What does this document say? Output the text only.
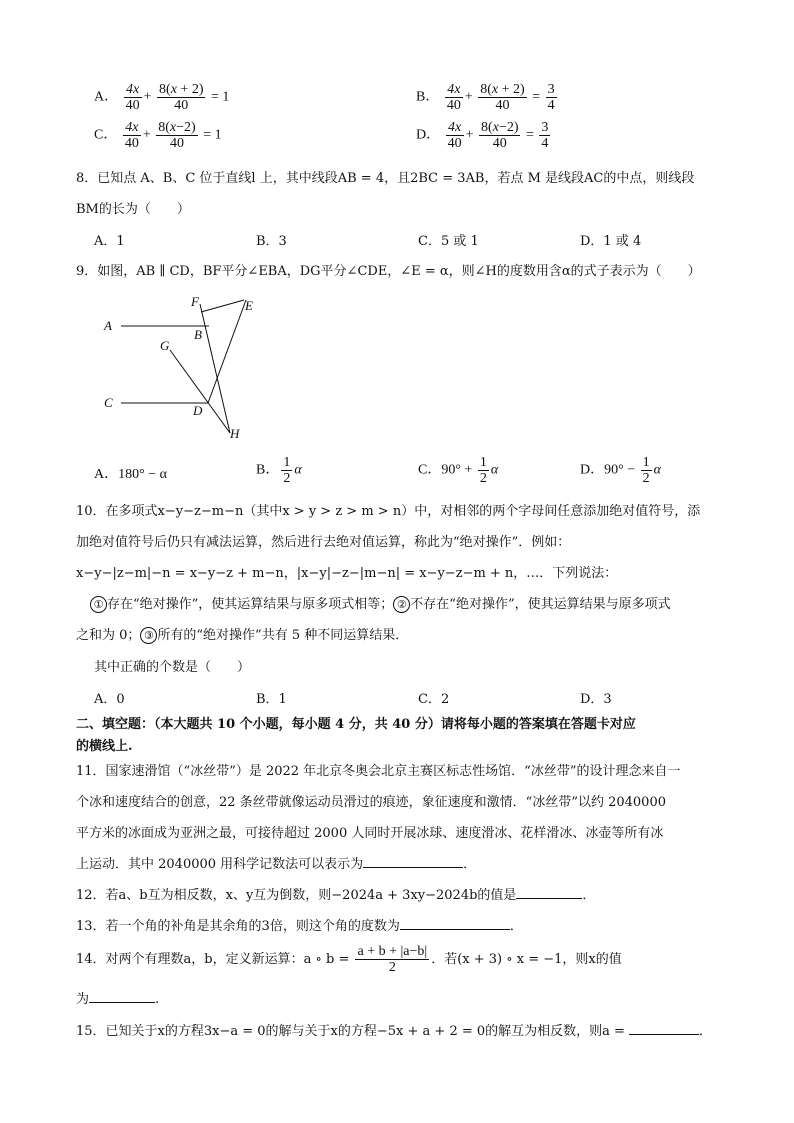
A． $\frac{4x}{40} + \frac{8(x + 2)}{40} = 1$	B． $\frac{4x}{40} + \frac{8(x + 2)}{40} = \frac{3}{4}$
C． $\frac{4x}{40} + \frac{8(x-2)}{40} = 1$	D． $\frac{4x}{40} + \frac{8(x-2)}{40} = \frac{3}{4}$
8．已知点 A、B、C 位于直线l 上，其中线段AB = 4，且2BC = 3AB，若点 M 是线段AC的中点，则线段
BM的长为（　　）
A．1	B．3	C．5 或 1	D．1 或 4
9．如图，AB ∥ CD，BF平分∠EBA，DG平分∠CDE，∠E = α，则∠H的度数用含α的式子表示为（　　）
A
B
C
D
E
F
G
H
A．180° − α	B． $\frac{1}{2}$ α	C．$90^\circ + \frac{1}{2}$ α	D．$90^\circ - \frac{1}{2}$ α
10．在多项式x−y−z−m−n（其中x > y > z > m > n）中，对相邻的两个字母间任意添加绝对值符号，添
加绝对值符号后仍只有减法运算，然后进行去绝对值运算，称此为“绝对操作”．例如：
x−y−|z−m|−n = x−y−z + m−n，|x−y|−z−|m−n| = x−y−z−m + n，…．下列说法：
① 存在“绝对操作”，使其运算结果与原多项式相等； ② 不存在“绝对操作”，使其运算结果与原多项式
之和为 0； ③ 所有的“绝对操作”共有 5 种不同运算结果．
其中正确的个数是（　　）
A．0	B．1	C．2	D．3
二、填空题：（本大题共 10 个小题，每小题 4 分，共 40 分）请将每小题的答案填在答题卡对应
的横线上.
11．国家速滑馆（“冰丝带”）是 2022 年北京冬奥会北京主赛区标志性场馆．“冰丝带”的设计理念来自一
个冰和速度结合的创意，22 条丝带就像运动员滑过的痕迹，象征速度和激情．“冰丝带”以约 2040000
平方米的冰面成为亚洲之最，可接待超过 2000 人同时开展冰球、速度滑冰、花样滑冰、冰壶等所有冰
上运动．其中 2040000 用科学记数法可以表示为	．
12．若a、b互为相反数，x、y互为倒数，则−2024a + 3xy−2024b的值是	．
13．若一个角的补角是其余角的3倍，则这个角的度数为	．
14．对两个有理数a，b，定义新运算：a ∘ $b = \frac{a + b + |a-b|}{2}$ ．若(x + 3) ∘ x = −1，则x的值
为	.
15．已知关于x的方程3x−a = 0的解与关于x的方程−5x + a + 2 = 0的解互为相反数，则a =	．
